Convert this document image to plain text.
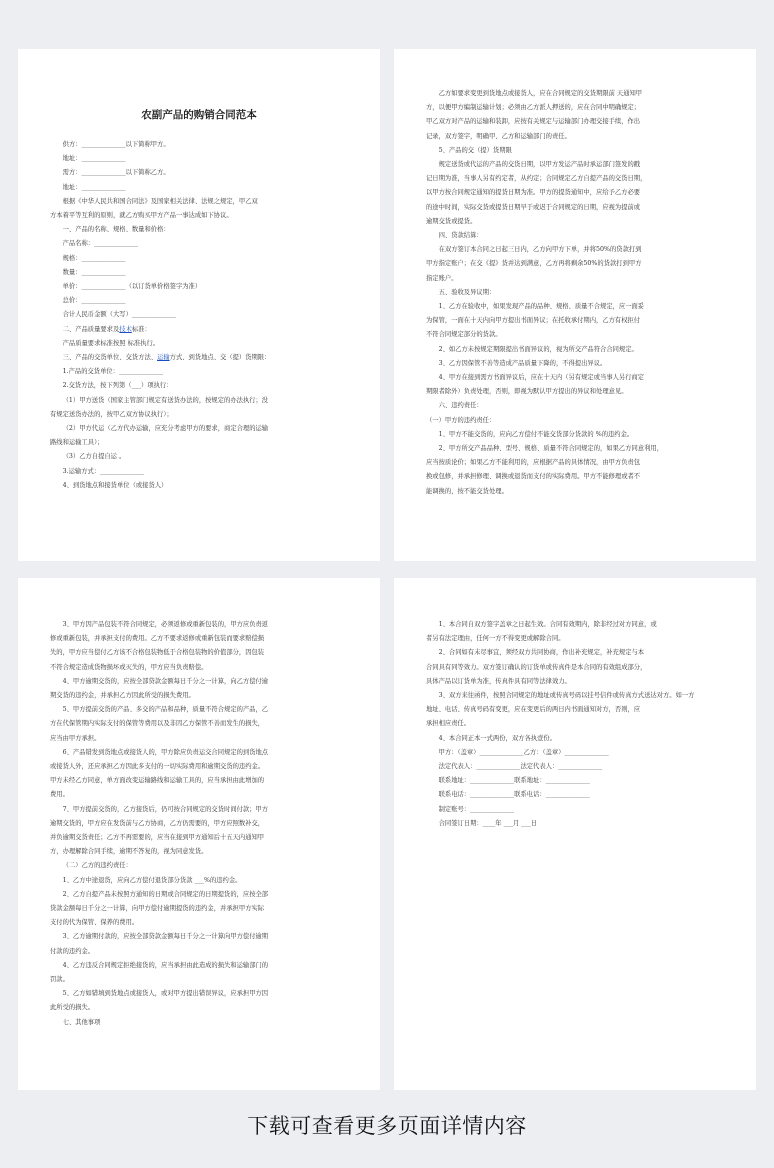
农副产品的购销合同范本

供方：______________以下简称甲方。

地址：______________

需方：______________以下简称乙方。

地址：______________

根据《中华人民共和国合同法》及国家相关法律、法规之规定，甲乙双

方本着平等互利的原则，就乙方购买甲方产品一事达成如下协议。

一、产品的名称、规格、数量和价格：

产品名称：______________

规格：______________

数量：______________

单价：______________（以订货单价格签字为准）

总价：______________

合计人民币金额（大写）______________

二、产品质量要求及技术标准：

产品质量要求标准按照 标准执行。

三、产品的交货单位、交货方法、运输方式、到货地点、交（提）货期限：

1.产品的交货单位：______________

2.交货方法，按下列第（___）项执行：

（1）甲方送货（国家主管部门规定有送货办法的，按规定的办法执行；没

有规定送货办法的，按甲乙双方协议执行）；

（2）甲方代运（乙方代办运输，应充分考虑甲方的要求，商定合理的运输

路线和运输工具）；

（3）乙方自提自运 。

3.运输方式：______________

4、到货地点和接货单位（或接货人）

乙方如要求变更到货地点或接货人，应在合同规定的交货期限前 天通知甲

方，以便甲方编制运输计划；必须由乙方派人押送的，应在合同中明确规定；

甲乙双方对产品的运输和装卸，应按有关规定与运输部门办理交接手续，作出

记录，双方签字，明确甲、乙方和运输部门的责任。

5、产品的交（提）货期限

规定送货或代运的产品的交货日期，以甲方发运产品时承运部门签发的戳

记日期为准，当事人另有约定者，从约定；合同规定乙方自提产品的交货日期，

以甲方按合同规定通知的提货日期为准。甲方的提货通知中，应给予乙方必要

的途中时间，实际交货或提货日期早于或迟于合同规定的日期，应视为提前或

逾期交货或提货。

四、贷款结算：

在双方签订本合同之日起三日内，乙方向甲方下单，并将50%的贷款打到

甲方指定账户；在交《提》货并达到满意，乙方再将剩余50%的货款打到甲方

指定账户。

五、验收及异议期：

1、乙方在验收中，如果发现产品的品种、规格、质量不合规定，应一面妥

为保管，一面在十天内向甲方提出书面异议；在托收承付期内，乙方有权拒付

不符合同规定部分的货款。

2、如乙方未按规定期限提出书面异议的，视为所交产品符合合同规定。

3、乙方因保管不善等造成产品质量下降的，不得提出异议。

4、甲方在接到需方书面异议后，应在十天内（另有规定或当事人另行商定

期限者除外）负责处理，否则，即视为默认甲方提出的异议和处理意见。

六、违约责任：

（一）甲方的违约责任：

1、甲方不能交货的，应向乙方偿付不能交货部分货款的 %的违约金。

2、甲方所交产品品种、型号、规格、质量不符合同规定的，如果乙方同意利用，

应当按质论价；如果乙方不能利用的，应根据产品的具体情况，由甲方负责包

换或包修，并承担修理、调换或退货而支付的实际费用。甲方不能修理或者不

能调换的，按不能交货处理。

3、甲方因产品包装不符合同规定，必须返修或重新包装的，甲方应负责返

修或重新包装，并承担支付的费用。乙方不要求返修或重新包装而要求赔偿损

失的，甲方应当偿付乙方该不合格包装物低于合格包装物的价值部分，因包装

不符合规定造成货物损坏或灭失的，甲方应当负责赔偿。

4、甲方逾期交货的，应按全部贷款金额每日千分之一计算，向乙方偿付逾

期交货的违约金，并承担乙方因此所受的损失费用。

5、甲方提前交货的产品、多交的产品和品种，质量不符合规定的产品，乙

方在代保管期内实际支付的保管等费用以及非因乙方保管不善而发生的损失，

应当由甲方承担。

6、产品错发到货地点或接货人的，甲方除应负责运交合同规定的到货地点

或接货人外，还应承担乙方因此多支付的一切实际费用和逾期交货的违约金。

甲方未经乙方同意，单方面改变运输路线和运输工具的，应当承担由此增加的

费用。

7、甲方提前交货的，乙方接货后，仍可按合同规定的交货时间付款；甲方

逾期交货的，甲方应在发货前与乙方协商，乙方仍需要的，甲方应照数补交，

并负逾期交货责任；乙方不再需要的，应当在接到甲方通知后十五天内通知甲

方，办理解除合同手续，逾期不答复的，视为同意发货。

（二）乙方的违约责任：

1、乙方中途退货，应向乙方偿付退货部分货款 ___%的违约金。

2、乙方自提产品未按照方通知的日期或合同规定的日期提货的，应按全部

贷款金额每日千分之一计算，向甲方偿付逾期提货的违约金，并承担甲方实际

支付的代为保管、保养的费用。

3、乙方逾期付款的，应按全部贷款金额每日千分之一计算向甲方偿付逾期

付款的违约金。

4、乙方违反合同规定拒绝接货的，应当承担由此造成的损失和运输部门的

罚款。

5、乙方如错填到货地点或接货人，或对甲方提出错误异议，应承担甲方因

此所受的损失。

七、其他事项

1、本合同自双方签字盖章之日起生效。合同有效期内，除非经过对方同意，或

者另有法定理由，任何一方不得变更或解除合同。

2、合同如有未尽事宜，须经双方共同协商，作出补充规定，补充规定与本

合同具有同等效力。双方签订确认的订货单或传真件是本合同的有效组成部分，

具体产品以订货单为准，传真件具有同等法律效力。

3、双方来往函件，按照合同规定的地址或传真号码以挂号信件或传真方式送达对方。如一方

地址、电话、传真号码有变更，应在变更后的两日内书面通知对方，否则，应

承担相应责任。

4、本合同正本一式两份，双方各执壹份。

甲方：（盖章）______________乙方：（盖章）______________

法定代表人：______________法定代表人：______________

联系地址：______________联系地址：______________

联系电话：______________联系电话：______________

制定账号：______________

合同签订日期：____年 ___月 ___日

下载可查看更多页面详情内容
